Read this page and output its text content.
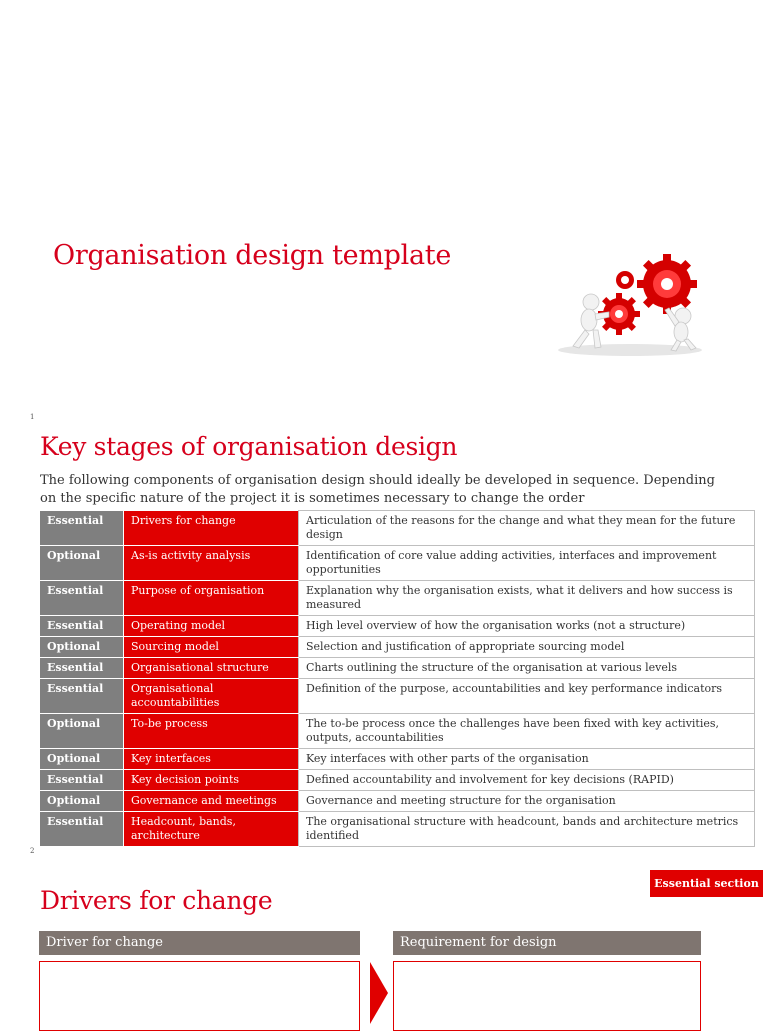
Organisation design template
1
Key stages of organisation design
The following components of organisation design should ideally be developed in sequence. Depending on the specific nature of the project it is sometimes necessary to change the order
Essential	Drivers for change	Articulation of the reasons for the change and what they mean for the future design
Optional	As-is activity analysis	Identification of core value adding activities, interfaces and improvement opportunities
Essential	Purpose of organisation	Explanation why the organisation exists, what it delivers and how success is measured
Essential	Operating model	High level overview of how the organisation works (not a structure)
Optional	Sourcing model	Selection and justification of appropriate sourcing model
Essential	Organisational structure	Charts outlining the structure of the organisation at various levels
Essential	Organisational accountabilities	Definition of the purpose, accountabilities and key performance indicators
Optional	To-be process	The to-be process once the challenges have been fixed with key activities, outputs, accountabilities
Optional	Key interfaces	Key interfaces with other parts of the organisation
Essential	Key decision points	Defined accountability and involvement for key decisions (RAPID)
Optional	Governance and meetings	Governance and meeting structure for the organisation
Essential	Headcount, bands, architecture	The organisational structure with headcount, bands and architecture metrics identified
2
Essential section
Drivers for change
Driver for change	Requirement for design
